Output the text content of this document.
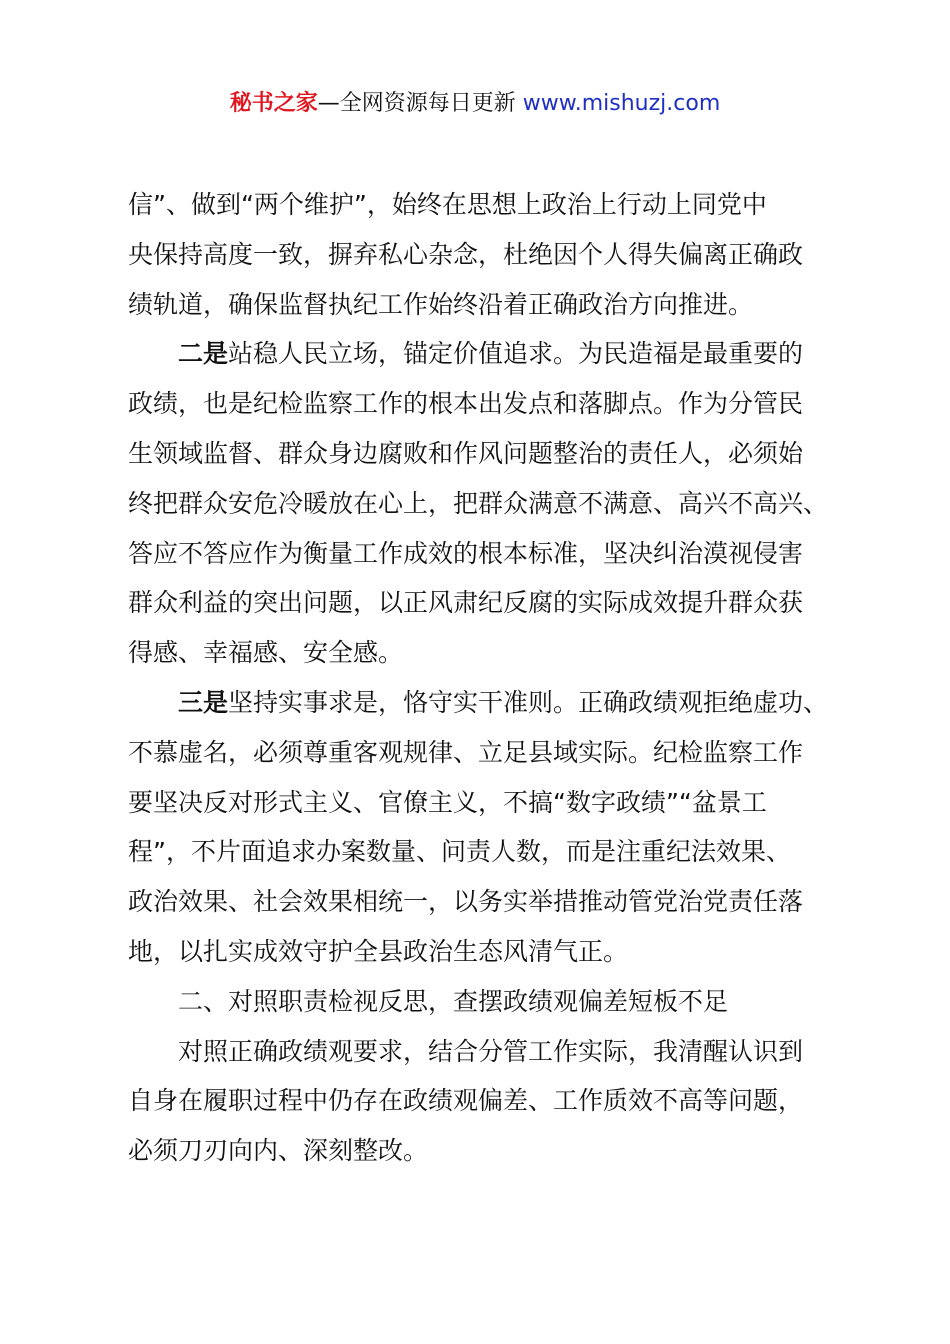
秘书之家—全网资源每日更新 www.mishuzj.com
信”、做到“两个维护”，始终在思想上政治上行动上同党中
央保持高度一致，摒弃私心杂念，杜绝因个人得失偏离正确政
绩轨道，确保监督执纪工作始终沿着正确政治方向推进。
二是站稳人民立场，锚定价值追求。为民造福是最重要的
政绩，也是纪检监察工作的根本出发点和落脚点。作为分管民
生领域监督、群众身边腐败和作风问题整治的责任人，必须始
终把群众安危冷暖放在心上，把群众满意不满意、高兴不高兴、
答应不答应作为衡量工作成效的根本标准，坚决纠治漠视侵害
群众利益的突出问题，以正风肃纪反腐的实际成效提升群众获
得感、幸福感、安全感。
三是坚持实事求是，恪守实干准则。正确政绩观拒绝虚功、
不慕虚名，必须尊重客观规律、立足县域实际。纪检监察工作
要坚决反对形式主义、官僚主义，不搞“数字政绩”“盆景工
程”，不片面追求办案数量、问责人数，而是注重纪法效果、
政治效果、社会效果相统一，以务实举措推动管党治党责任落
地，以扎实成效守护全县政治生态风清气正。
二、对照职责检视反思，查摆政绩观偏差短板不足
对照正确政绩观要求，结合分管工作实际，我清醒认识到
自身在履职过程中仍存在政绩观偏差、工作质效不高等问题，
必须刀刃向内、深刻整改。
